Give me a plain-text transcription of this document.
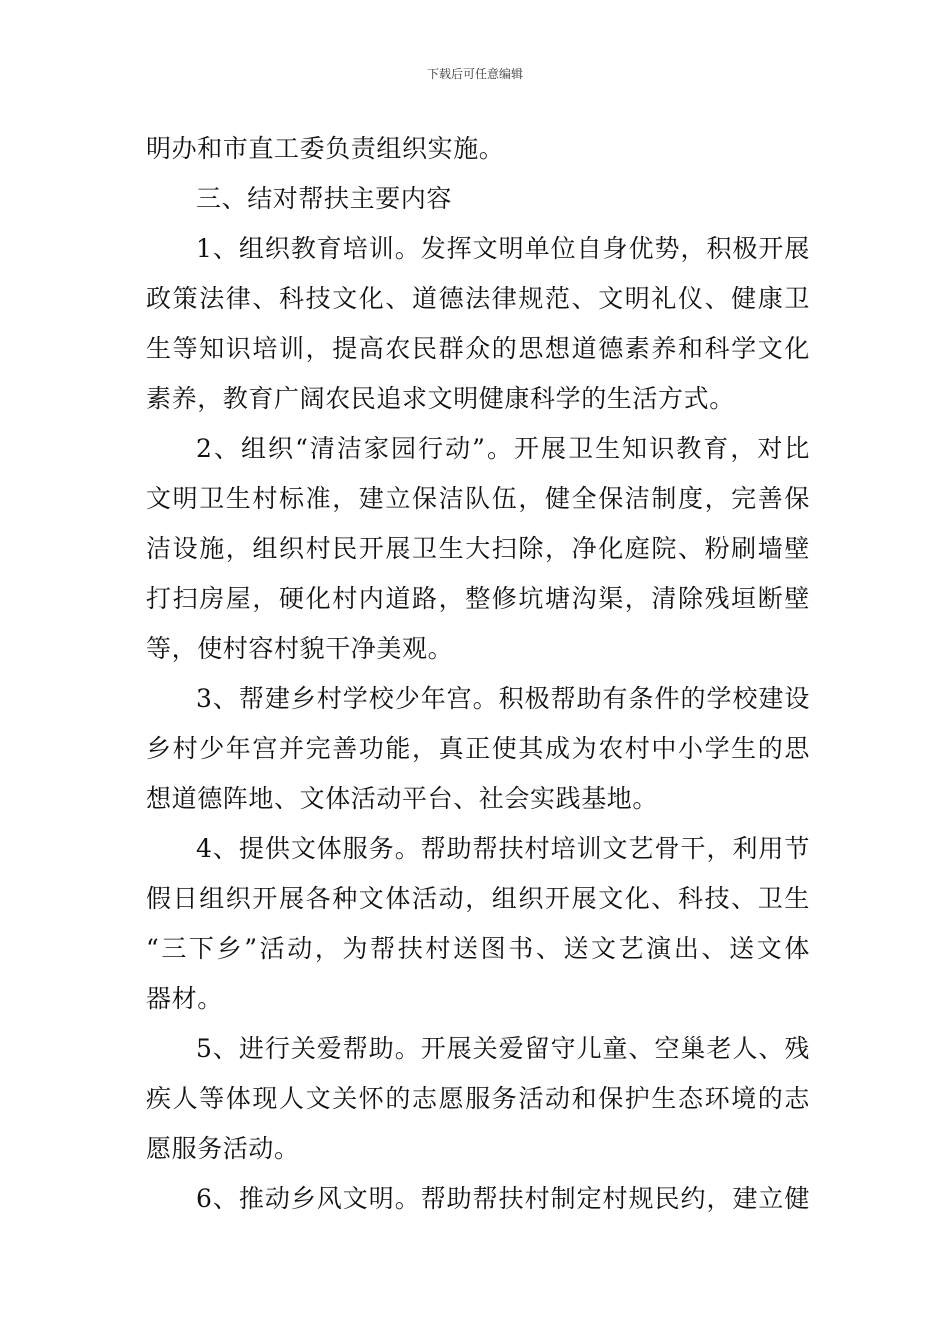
下载后可任意编辑
明办和市直工委负责组织实施。
三、结对帮扶主要内容
1、组织教育培训。发挥文明单位自身优势，积极开展
政策法律、科技文化、道德法律规范、文明礼仪、健康卫
生等知识培训，提高农民群众的思想道德素养和科学文化
素养，教育广阔农民追求文明健康科学的生活方式。
2、组织“清洁家园行动”。开展卫生知识教育，对比
文明卫生村标准，建立保洁队伍，健全保洁制度，完善保
洁设施，组织村民开展卫生大扫除，净化庭院、粉刷墙壁
打扫房屋，硬化村内道路，整修坑塘沟渠，清除残垣断壁
等，使村容村貌干净美观。
3、帮建乡村学校少年宫。积极帮助有条件的学校建设
乡村少年宫并完善功能，真正使其成为农村中小学生的思
想道德阵地、文体活动平台、社会实践基地。
4、提供文体服务。帮助帮扶村培训文艺骨干，利用节
假日组织开展各种文体活动，组织开展文化、科技、卫生
“三下乡”活动，为帮扶村送图书、送文艺演出、送文体
器材。
5、进行关爱帮助。开展关爱留守儿童、空巢老人、残
疾人等体现人文关怀的志愿服务活动和保护生态环境的志
愿服务活动。
6、推动乡风文明。帮助帮扶村制定村规民约，建立健
